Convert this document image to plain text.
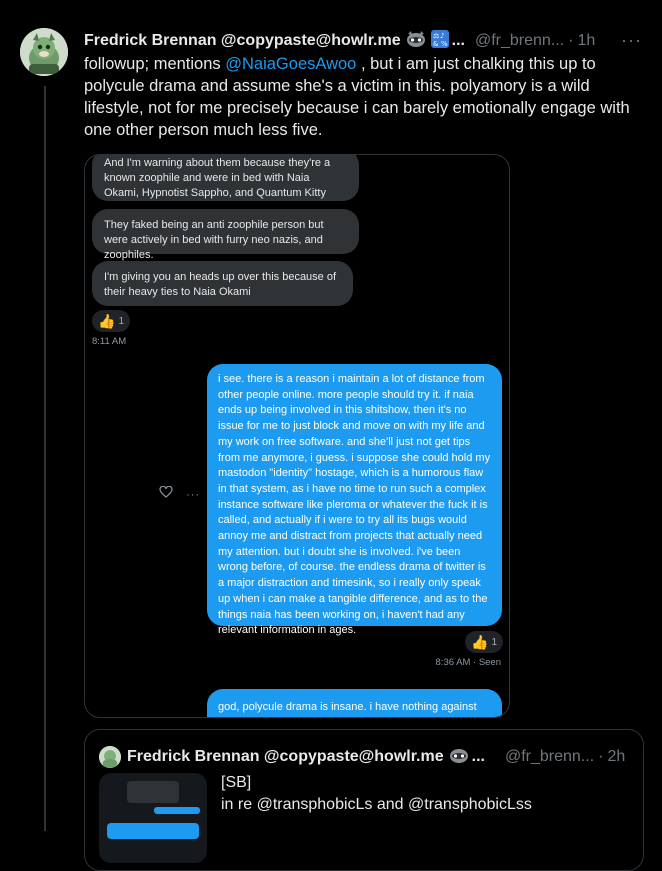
Fredrick Brennan @copypaste@howlr.me	⚖ ♪
& % ... @fr_brenn... · 1h ···
followup; mentions @NaiaGoesAwoo , but i am just chalking this up to polycule drama and assume she's a victim in this. polyamory is a wild lifestyle, not for me precisely because i can barely emotionally engage with one other person much less five.
And I'm warning about them because they're a known zoophile and were in bed with Naia Okami, Hypnotist Sappho, and Quantum Kitty
They faked being an anti zoophile person but were actively in bed with furry neo nazis, and zoophiles.
I'm giving you an heads up over this because of their heavy ties to Naia Okami
👍 1
8:11 AM
i see. there is a reason i maintain a lot of distance from other people online. more people should try it. if naia ends up being involved in this shitshow, then it's no issue for me to just block and move on with my life and my work on free software. and she'll just not get tips from me anymore, i guess. i suppose she could hold my mastodon "identity" hostage, which is a humorous flaw in that system, as i have no time to run such a complex instance software like pleroma or whatever the fuck it is called, and actually if i were to try all its bugs would annoy me and distract from projects that actually need my attention. but i doubt she is involved. i've been wrong before, of course. the endless drama of twitter is a major distraction and timesink, so i really only speak up when i can make a tangible difference, and as to the things naia has been working on, i haven't had any relevant information in ages.
···
👍 1
8:36 AM · Seen
god, polycule drama is insane. i have nothing against
Fredrick Brennan @copypaste@howlr.me ... @fr_brenn... · 2h
[SB]
in re @transphobicLs and @transphobicLss
